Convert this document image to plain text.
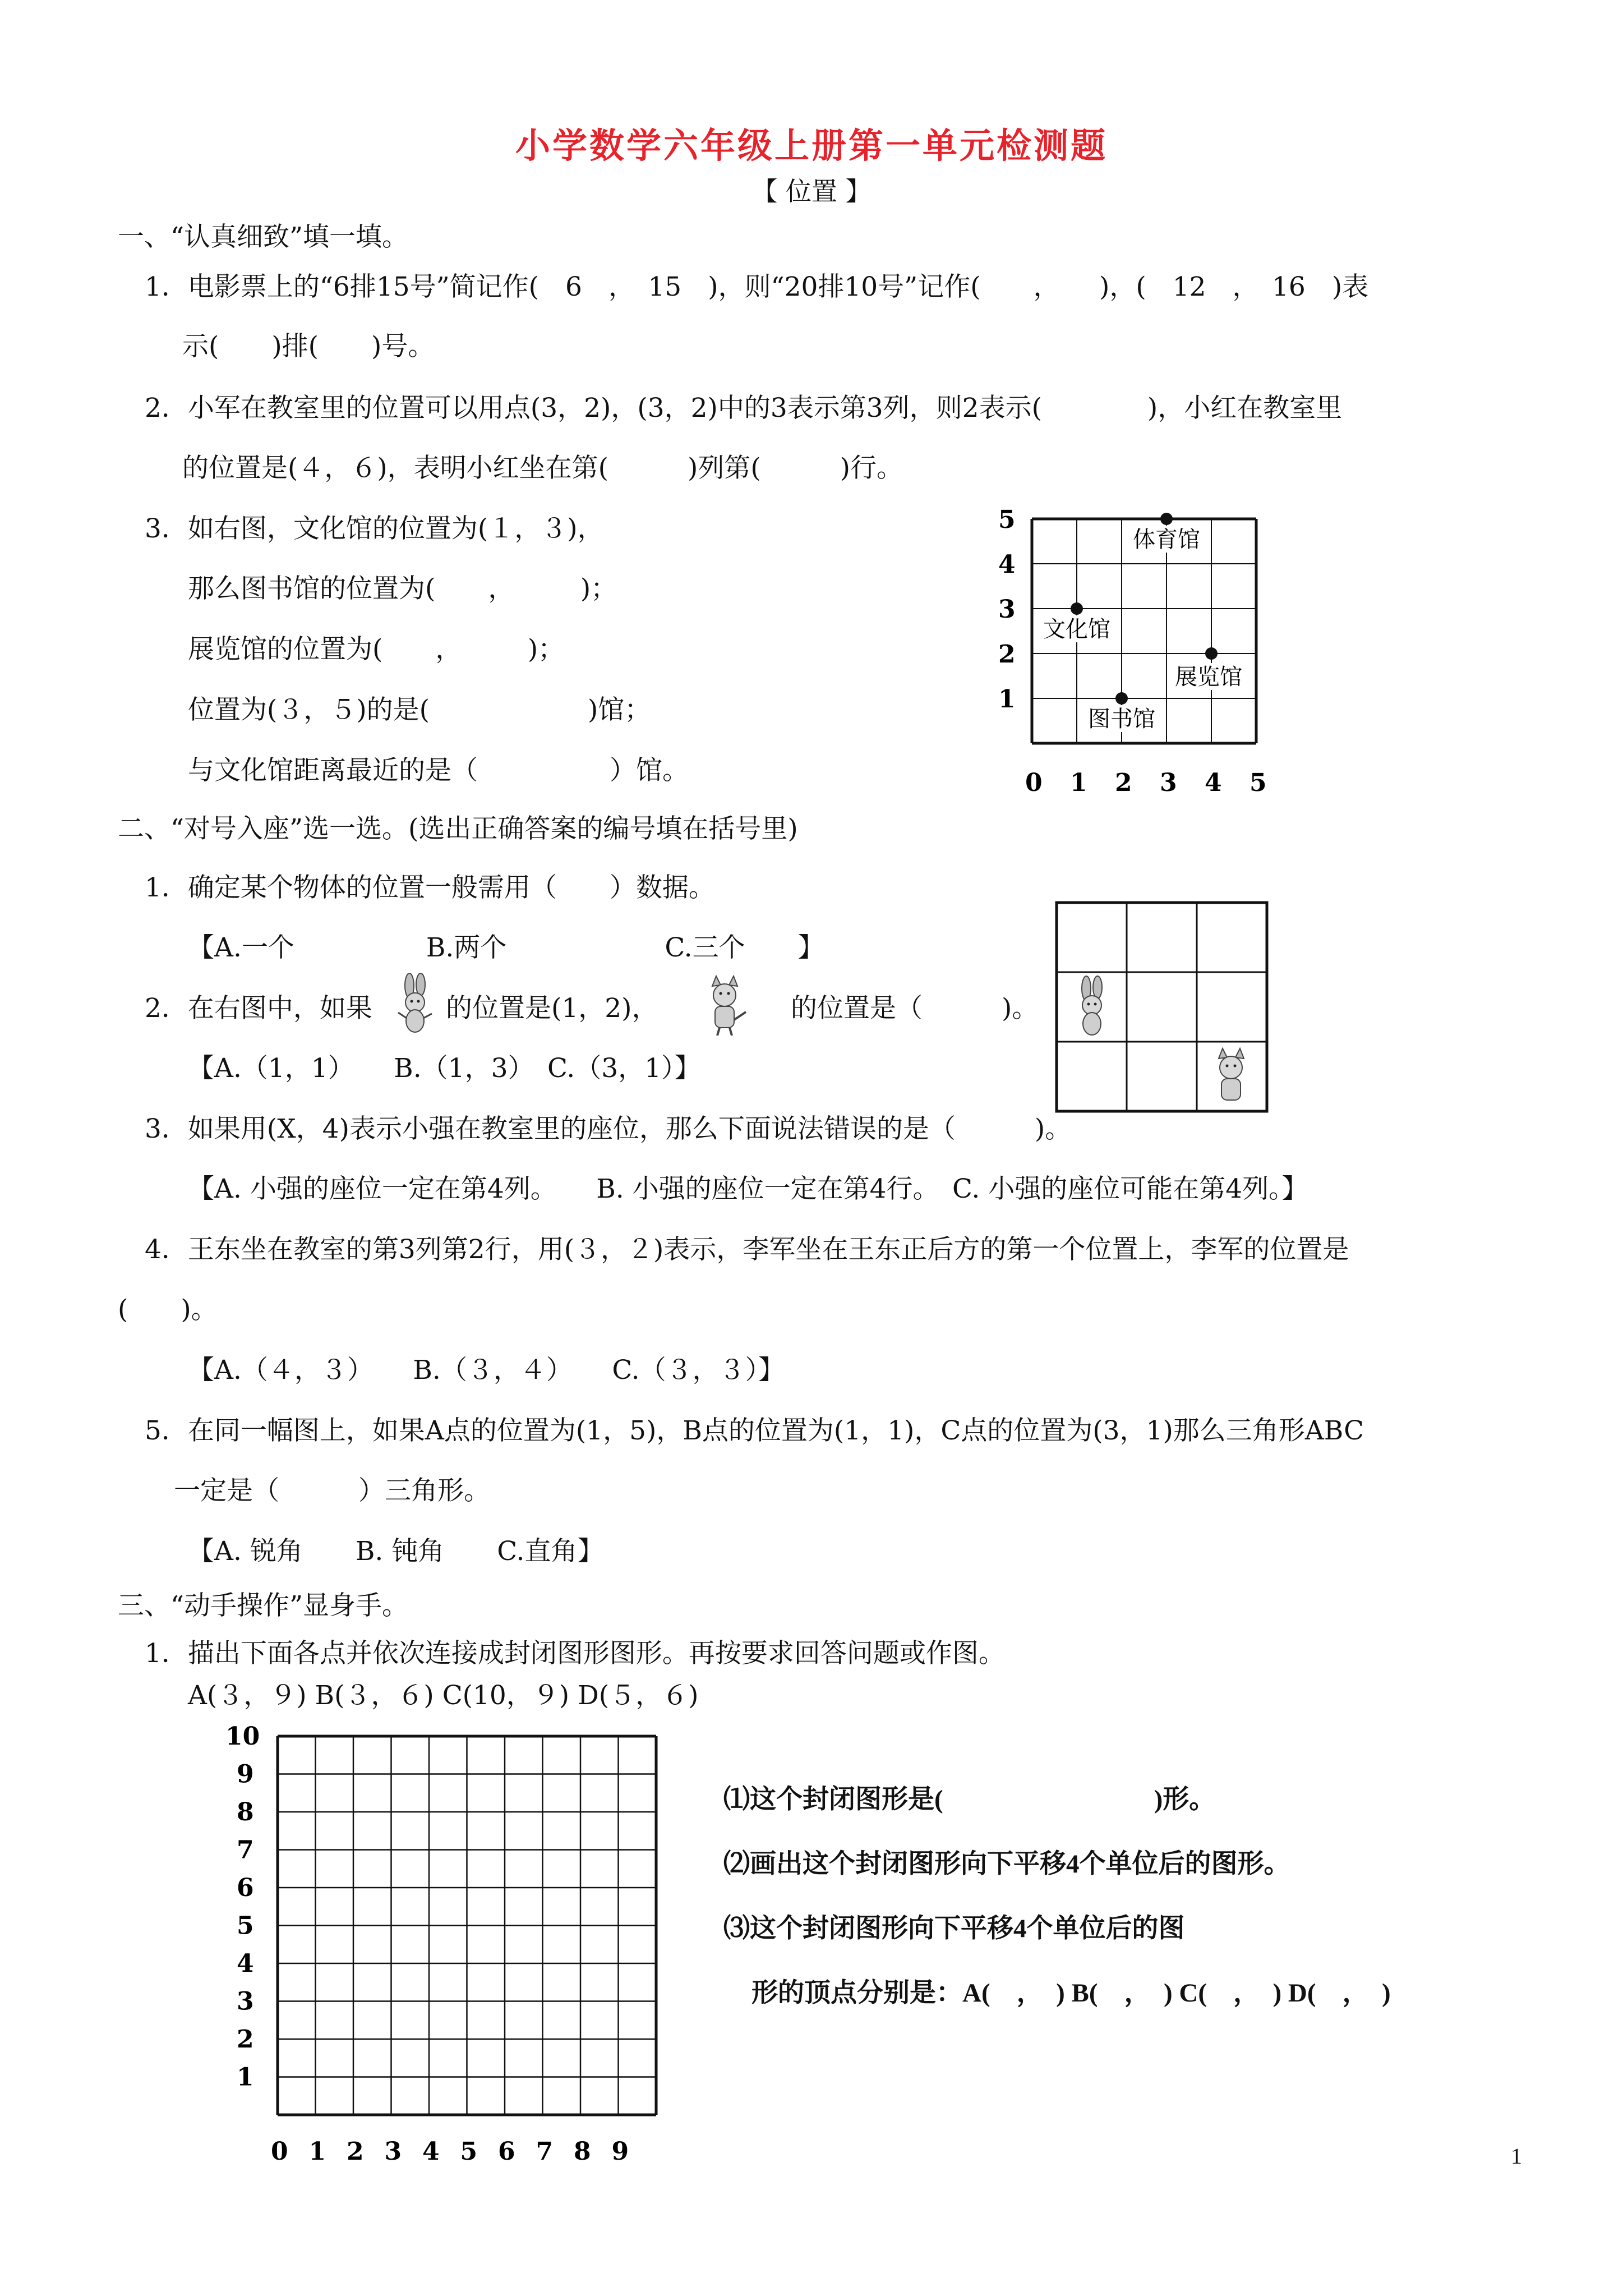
小学数学六年级上册第一单元检测题
【 位置 】
一、“认真细致”填一填。
1．电影票上的“6排15号”简记作(　6　，　15　)，则“20排10号”记作(　　，　　)，(　12　，　16　)表
示(　　)排(　　)号。
2．小军在教室里的位置可以用点(3，2)，(3，2)中的3表示第3列，则2表示(　　　　)，小红在教室里
的位置是(４，６)，表明小红坐在第(　　　)列第(　　　)行。
3．如右图，文化馆的位置为(１，３)，
那么图书馆的位置为(　　，　　　)；
展览馆的位置为(　　，　　　)；
位置为(３，５)的是(　　　　　　)馆；
与文化馆距离最近的是（　　　　　）馆。
5
4
3
2
1
0 1 2 3 4 5
体育馆
文化馆
展览馆
图书馆
二、“对号入座”选一选。(选出正确答案的编号填在括号里)
1．确定某个物体的位置一般需用（　　）数据。
【A.一个　　　　　B.两个　　　　　　C.三个　　】
2．在右图中，如果	的位置是(1，2)，	的位置是（　　　)。
【A.（1，1）　　B.（1，3）　C.（3，1）】
3．如果用(X，4)表示小强在教室里的座位，那么下面说法错误的是（　　　)。
【A. 小强的座位一定在第4列。　　B. 小强的座位一定在第4行。　C. 小强的座位可能在第4列。】
4．王东坐在教室的第3列第2行，用(３，２)表示，李军坐在王东正后方的第一个位置上，李军的位置是
(　　)。
【A.（４，３）　　B.（３，４）　　C.（３，３）】
5．在同一幅图上，如果A点的位置为(1，5)，B点的位置为(1，1)，C点的位置为(3，1)那么三角形ABC
一定是（　　　）三角形。
【A. 锐角　　B. 钝角　　C.直角】
三、“动手操作”显身手。
1．描出下面各点并依次连接成封闭图形图形。再按要求回答问题或作图。
A(３，９) B(３，６) C(10，９) D(５，６)
10
9
8
7
6
5
4
3
2
1
0 1 2 3 4 5 6 7 8 9
⑴这个封闭图形是(　　　　　　　　)形。
⑵画出这个封闭图形向下平移4个单位后的图形。
⑶这个封闭图形向下平移4个单位后的图
形的顶点分别是：A(　，　) B(　，　) C(　，　) D(　，　)
1
